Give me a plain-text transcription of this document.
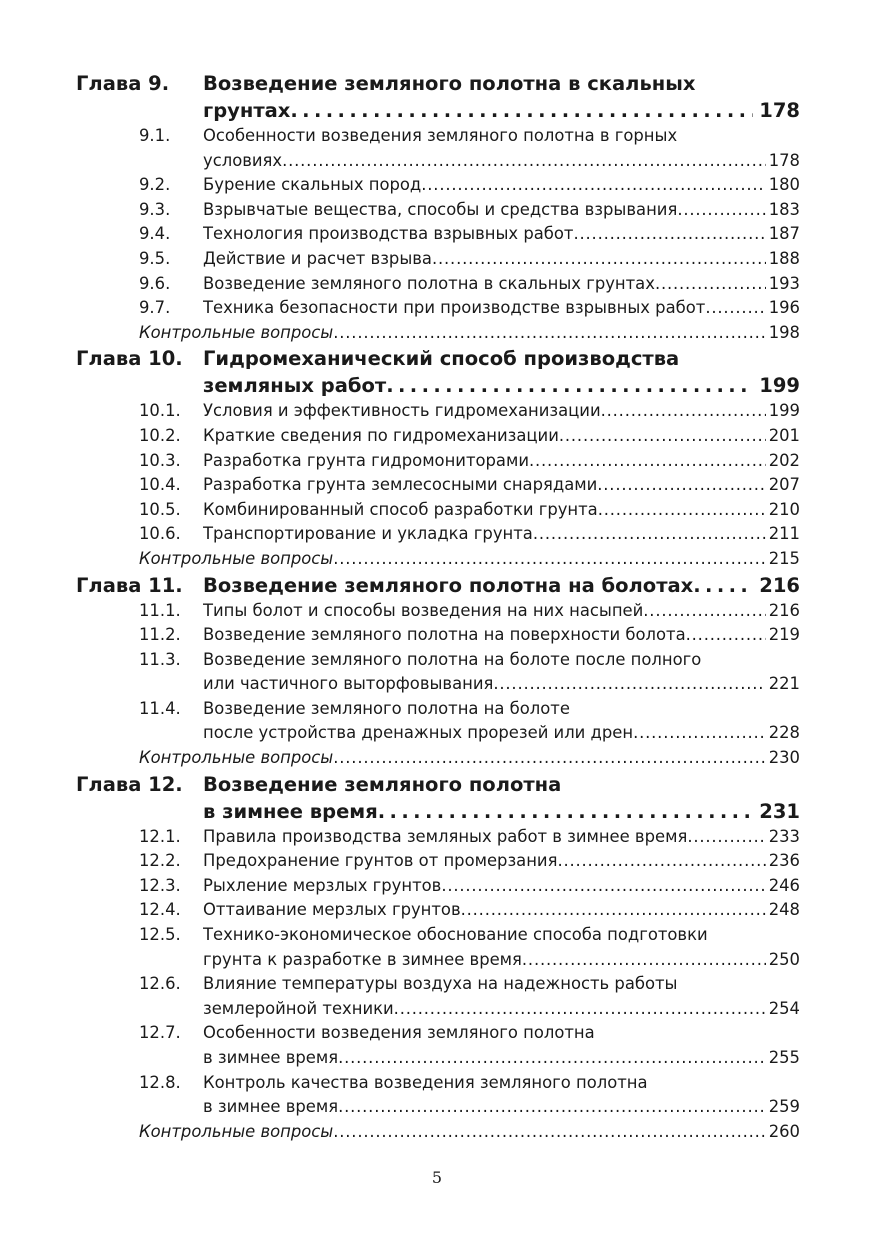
Глава 9.	Возведение земляного полотна в скальных
грунтах . . .	178
9.1.	Особенности возведения земляного полотна в горных
условиях . . .	178
9.2.	Бурение скальных пород . . .	180
9.3.	Взрывчатые вещества, способы и средства взрывания . . .	183
9.4.	Технология производства взрывных работ . . .	187
9.5.	Действие и расчет взрыва . . .	188
9.6.	Возведение земляного полотна в скальных грунтах . . .	193
9.7.	Техника безопасности при производстве взрывных работ . . .	196
Контрольные вопросы . . .	198
Глава 10.	Гидромеханический способ производства
земляных работ . . .	199
10.1.	Условия и эффективность гидромеханизации . . .	199
10.2.	Краткие сведения по гидромеханизации . . .	201
10.3.	Разработка грунта гидромониторами . . .	202
10.4.	Разработка грунта землесосными снарядами . . .	207
10.5.	Комбинированный способ разработки грунта . . .	210
10.6.	Транспортирование и укладка грунта . . .	211
Контрольные вопросы . . .	215
Глава 11.	Возведение земляного полотна на болотах . . .	216
11.1.	Типы болот и способы возведения на них насыпей . . .	216
11.2.	Возведение земляного полотна на поверхности болота . . .	219
11.3.	Возведение земляного полотна на болоте после полного
или частичного выторфовывания . . .	221
11.4.	Возведение земляного полотна на болоте
после устройства дренажных прорезей или дрен . . .	228
Контрольные вопросы . . .	230
Глава 12.	Возведение земляного полотна
в зимнее время . . .	231
12.1.	Правила производства земляных работ в зимнее время . . .	233
12.2.	Предохранение грунтов от промерзания . . .	236
12.3.	Рыхление мерзлых грунтов . . .	246
12.4.	Оттаивание мерзлых грунтов . . .	248
12.5.	Технико-экономическое обоснование способа подготовки
грунта к разработке в зимнее время . . .	250
12.6.	Влияние температуры воздуха на надежность работы
землеройной техники . . .	254
12.7.	Особенности возведения земляного полотна
в зимнее время . . .	255
12.8.	Контроль качества возведения земляного полотна
в зимнее время . . .	259
Контрольные вопросы . . .	260
5
